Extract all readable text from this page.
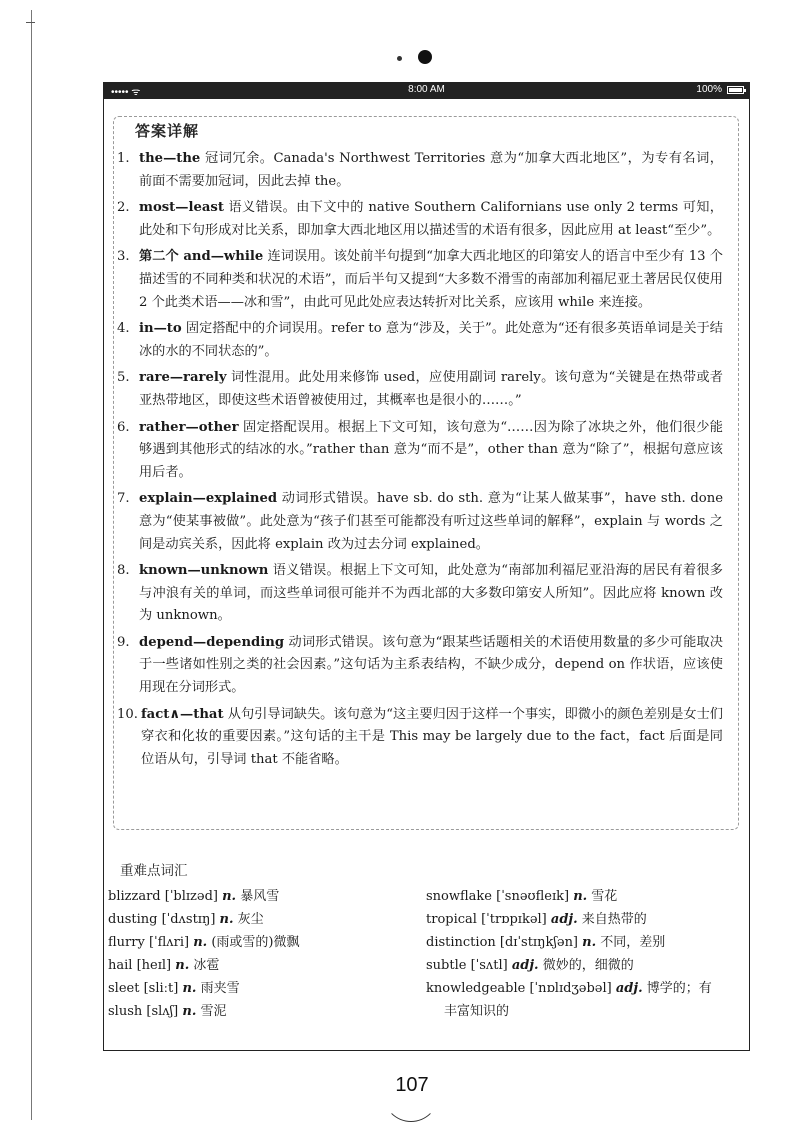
••••• ᯤ	8:00 AM	100%
答案详解
1. the—the 冠词冗余。Canada's Northwest Territories 意为“加拿大西北地区”，为专有名词，前面不需要加冠词，因此去掉 the。
2. most—least 语义错误。由下文中的 native Southern Californians use only 2 terms 可知，此处和下句形成对比关系，即加拿大西北地区用以描述雪的术语有很多，因此应用 at least“至少”。
3. 第二个 and—while 连词误用。该处前半句提到“加拿大西北地区的印第安人的语言中至少有 13 个描述雪的不同种类和状况的术语”，而后半句又提到“大多数不滑雪的南部加利福尼亚土著居民仅使用 2 个此类术语——冰和雪”，由此可见此处应表达转折对比关系，应该用 while 来连接。
4. in—to 固定搭配中的介词误用。refer to 意为“涉及，关于”。此处意为“还有很多英语单词是关于结冰的水的不同状态的”。
5. rare—rarely 词性混用。此处用来修饰 used，应使用副词 rarely。该句意为“关键是在热带或者亚热带地区，即使这些术语曾被使用过，其概率也是很小的……。”
6. rather—other 固定搭配误用。根据上下文可知，该句意为“……因为除了冰块之外，他们很少能够遇到其他形式的结冰的水。”rather than 意为“而不是”，other than 意为“除了”，根据句意应该用后者。
7. explain—explained 动词形式错误。have sb. do sth. 意为“让某人做某事”，have sth. done 意为“使某事被做”。此处意为“孩子们甚至可能都没有听过这些单词的解释”，explain 与 words 之间是动宾关系，因此将 explain 改为过去分词 explained。
8. known—unknown 语义错误。根据上下文可知，此处意为“南部加利福尼亚沿海的居民有着很多与冲浪有关的单词，而这些单词很可能并不为西北部的大多数印第安人所知”。因此应将 known 改为 unknown。
9. depend—depending 动词形式错误。该句意为“跟某些话题相关的术语使用数量的多少可能取决于一些诸如性别之类的社会因素。”这句话为主系表结构，不缺少成分，depend on 作状语，应该使用现在分词形式。
10. fact∧—that 从句引导词缺失。该句意为“这主要归因于这样一个事实，即微小的颜色差别是女士们穿衣和化妆的重要因素。”这句话的主干是 This may be largely due to the fact，fact 后面是同位语从句，引导词 that 不能省略。
重难点词汇
blizzard [ˈblɪzəd] n. 暴风雪
dusting [ˈdʌstɪŋ] n. 灰尘
flurry [ˈflʌri] n. (雨或雪的)微飘
hail [heɪl] n. 冰雹
sleet [sliːt] n. 雨夹雪
slush [slʌʃ] n. 雪泥
snowflake [ˈsnəʊfleɪk] n. 雪花
tropical [ˈtrɒpɪkəl] adj. 来自热带的
distinction [dɪˈstɪŋkʃən] n. 不同，差别
subtle [ˈsʌtl] adj. 微妙的，细微的
knowledgeable [ˈnɒlɪdʒəbəl] adj. 博学的；有
丰富知识的
107
